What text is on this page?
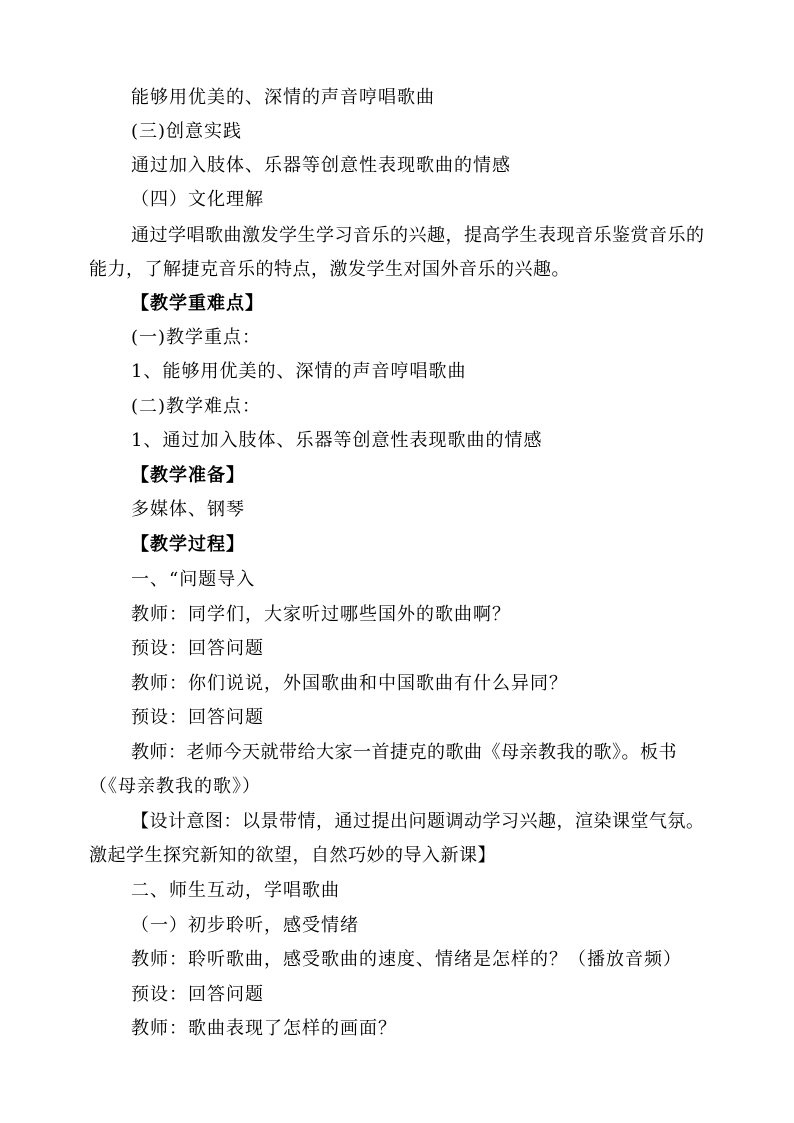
能够用优美的、深情的声音哼唱歌曲
(三)创意实践
通过加入肢体、乐器等创意性表现歌曲的情感
（四）文化理解
通过学唱歌曲激发学生学习音乐的兴趣，提高学生表现音乐鉴赏音乐的
能力，了解捷克音乐的特点，激发学生对国外音乐的兴趣。
【教学重难点】
(一)教学重点：
1、能够用优美的、深情的声音哼唱歌曲
(二)教学难点：
1、通过加入肢体、乐器等创意性表现歌曲的情感
【教学准备】
多媒体、钢琴
【教学过程】
一、“问题导入
教师：同学们，大家听过哪些国外的歌曲啊？
预设：回答问题
教师：你们说说，外国歌曲和中国歌曲有什么异同？
预设：回答问题
教师：老师今天就带给大家一首捷克的歌曲《母亲教我的歌》。板书
（《母亲教我的歌》）
【设计意图：以景带情，通过提出问题调动学习兴趣，渲染课堂气氛。
激起学生探究新知的欲望，自然巧妙的导入新课】
二、师生互动，学唱歌曲
（一）初步聆听，感受情绪
教师：聆听歌曲，感受歌曲的速度、情绪是怎样的？（播放音频）
预设：回答问题
教师：歌曲表现了怎样的画面？
